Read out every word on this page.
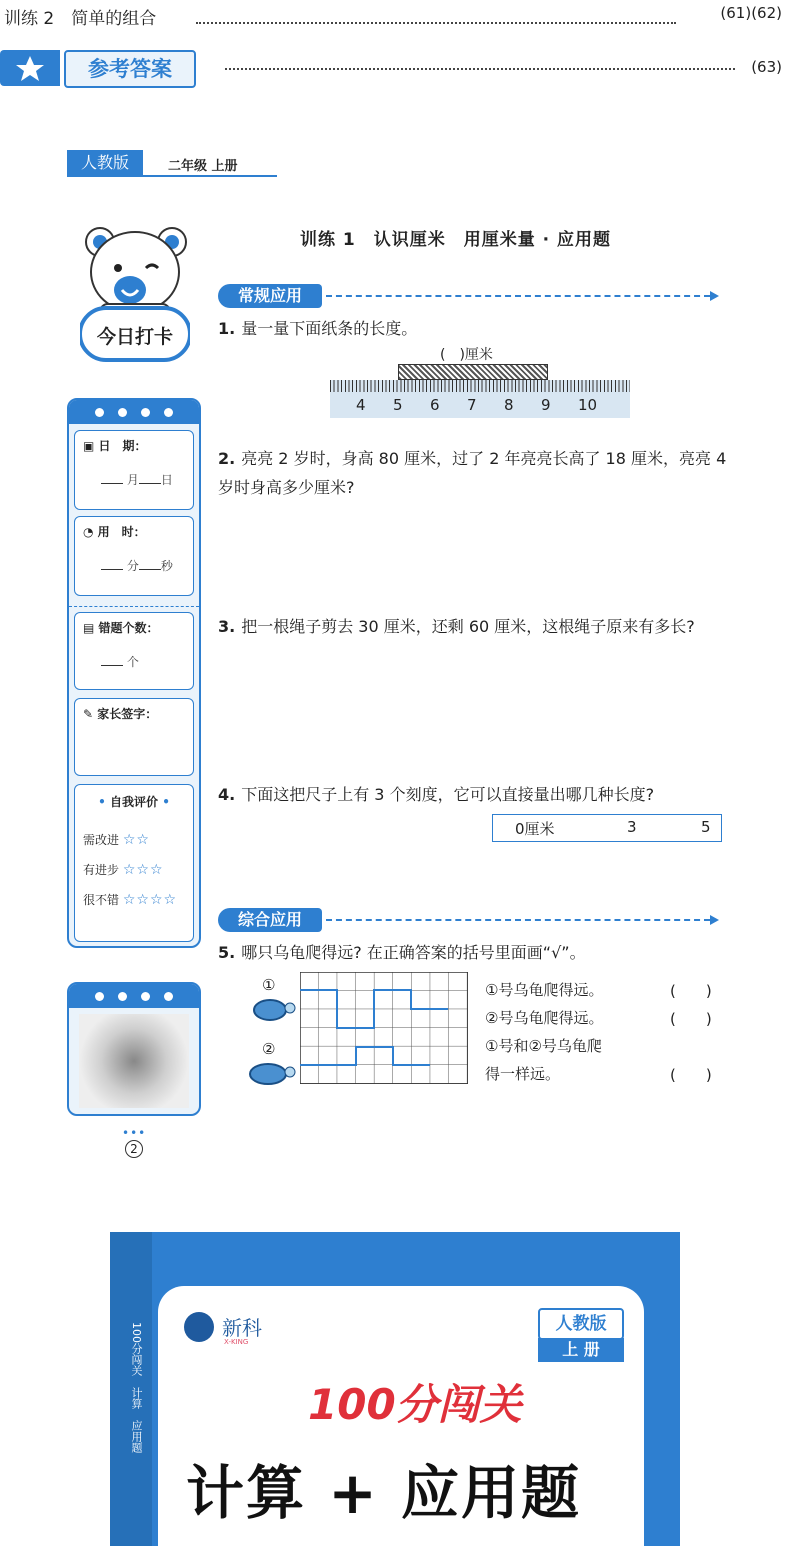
训练 2　简单的组合	(61)(62)
参考答案	(63)
人教版	二年级 上册
今日打卡
▣ 日　期：
月 日
◔ 用　时：
分 秒
▤ 错题个数：
个
✎ 家长签字：
• 自我评价 •
需改进 ☆☆
有进步 ☆☆☆
很不错 ☆☆☆☆
•••
2
训练 1　认识厘米　用厘米量 · 应用题
常规应用
1. 量一量下面纸条的长度。
(　)厘米
4 5 6 7 8 9 10
2. 亮亮 2 岁时，身高 80 厘米，过了 2 年亮亮长高了 18 厘米，亮亮 4 岁时身高多少厘米?
3. 把一根绳子剪去 30 厘米，还剩 60 厘米，这根绳子原来有多长?
4. 下面这把尺子上有 3 个刻度，它可以直接量出哪几种长度?
0厘米	3	5
综合应用
5. 哪只乌龟爬得远? 在正确答案的括号里面画“√”。
①
②
①号乌龟爬得远。	(　　)
②号乌龟爬得远。	(　　)
①号和②号乌龟爬
得一样远。	(　　)
100分闯关　计算　应用题	新科
X-KING
人教版
上 册
100分闯关
计算 + 应用题
